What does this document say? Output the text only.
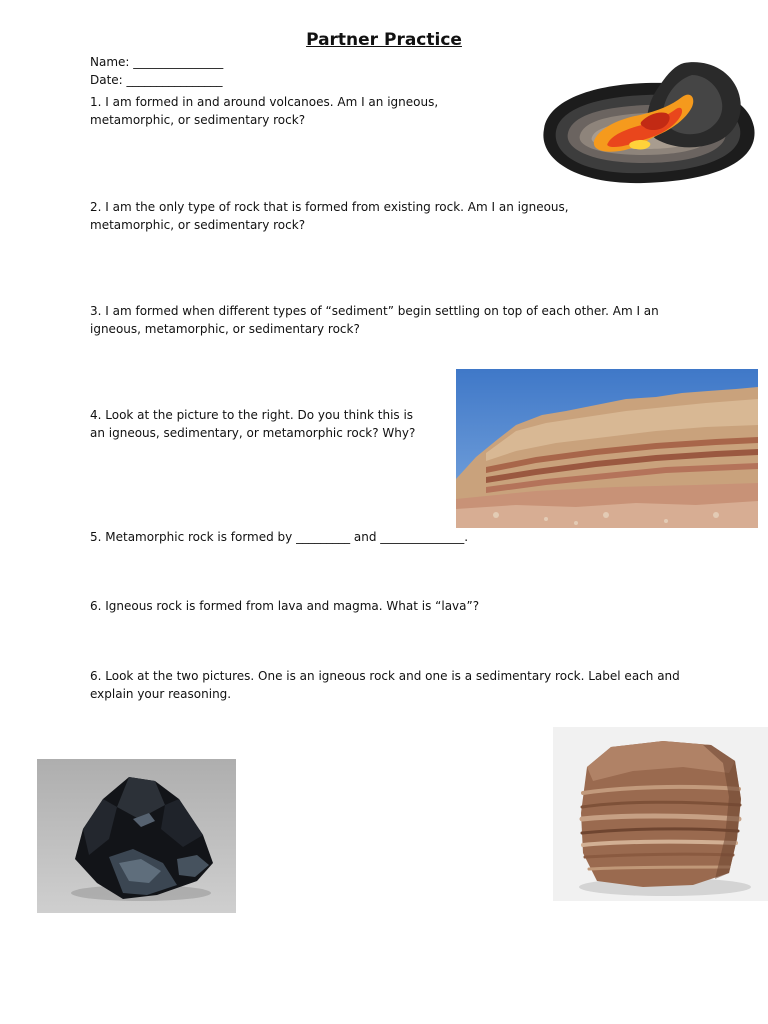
Partner Practice
Name: _______________
Date: ________________
1. I am formed in and around volcanoes. Am I an igneous, metamorphic, or sedimentary rock?
2. I am the only type of rock that is formed from existing rock. Am I an igneous, metamorphic, or sedimentary rock?
3. I am formed when different types of “sediment” begin settling on top of each other. Am I an igneous, metamorphic, or sedimentary rock?
4. Look at the picture to the right. Do you think this is an igneous, sedimentary, or metamorphic rock? Why?
5. Metamorphic rock is formed by _________ and ______________.
6. Igneous rock is formed from lava and magma. What is “lava”?
6. Look at the two pictures. One is an igneous rock and one is a sedimentary rock. Label each and explain your reasoning.
